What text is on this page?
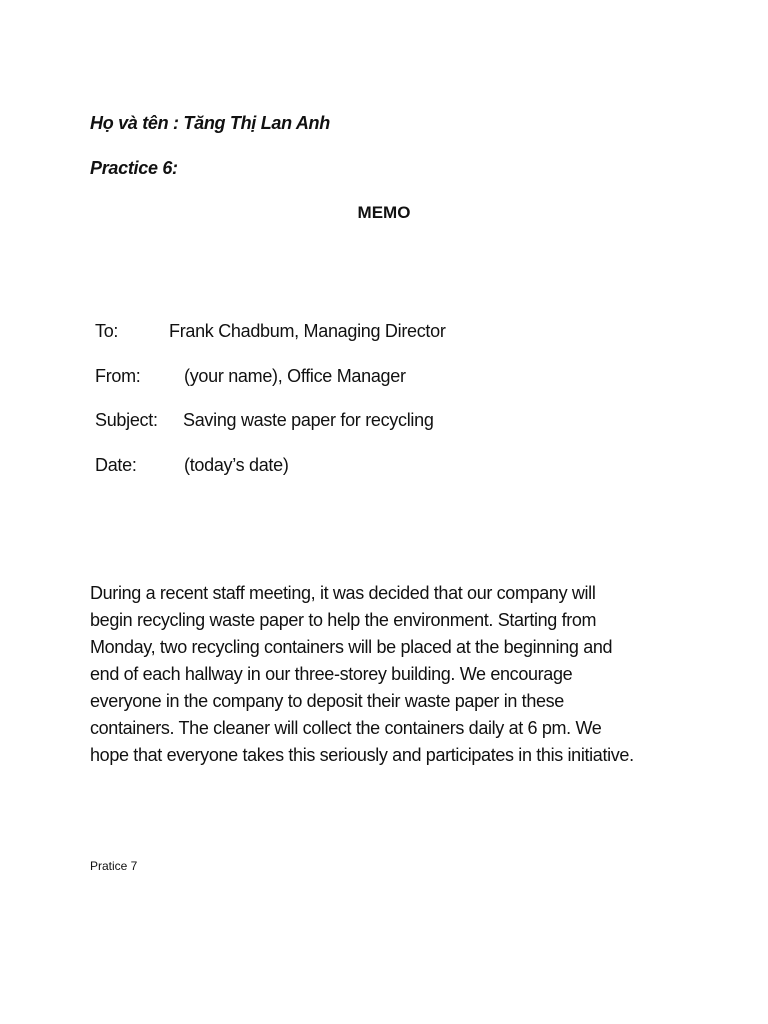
Họ và tên : Tăng Thị Lan Anh
Practice 6:
MEMO
To:	Frank Chadbum, Managing Director
From: (your name), Office Manager
Subject: Saving waste paper for recycling
Date:	(today’s date)
During a recent staff meeting, it was decided that our company will
begin recycling waste paper to help the environment. Starting from
Monday, two recycling containers will be placed at the beginning and
end of each hallway in our three-storey building. We encourage
everyone in the company to deposit their waste paper in these
containers. The cleaner will collect the containers daily at 6 pm. We
hope that everyone takes this seriously and participates in this initiative.
Pratice 7
